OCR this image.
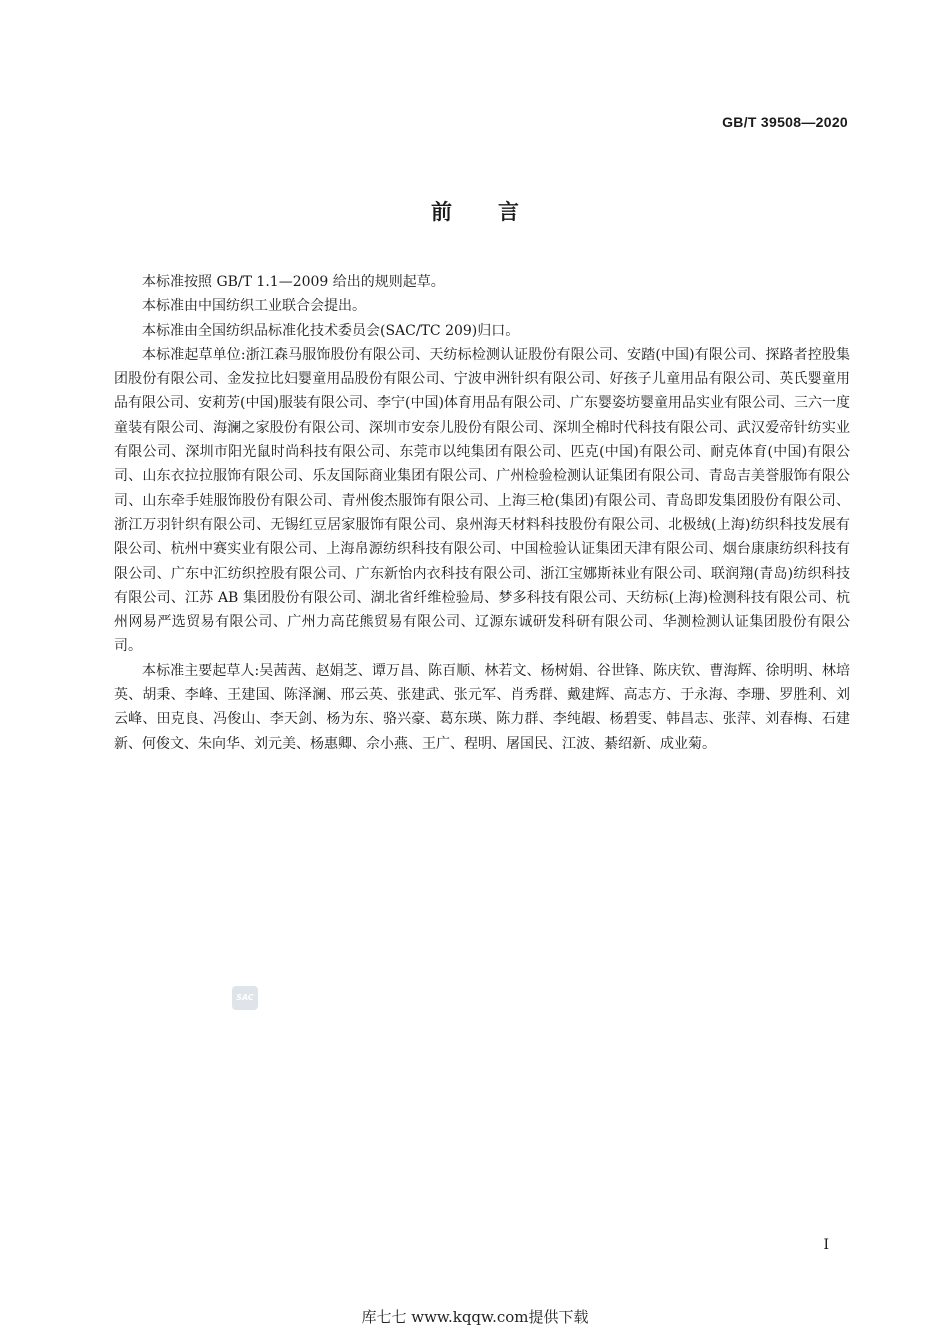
GB/T 39508—2020
前言

本标准按照 GB/T 1.1—2009 给出的规则起草。

本标准由中国纺织工业联合会提出。

本标准由全国纺织品标准化技术委员会(SAC/TC 209)归口。

本标准起草单位:浙江森马服饰股份有限公司、天纺标检测认证股份有限公司、安踏(中国)有限公司、探路者控股集团股份有限公司、金发拉比妇婴童用品股份有限公司、宁波申洲针织有限公司、好孩子儿童用品有限公司、英氏婴童用品有限公司、安莉芳(中国)服装有限公司、李宁(中国)体育用品有限公司、广东婴姿坊婴童用品实业有限公司、三六一度童装有限公司、海澜之家股份有限公司、深圳市安奈儿股份有限公司、深圳全棉时代科技有限公司、武汉爱帝针纺实业有限公司、深圳市阳光鼠时尚科技有限公司、东莞市以纯集团有限公司、匹克(中国)有限公司、耐克体育(中国)有限公司、山东衣拉拉服饰有限公司、乐友国际商业集团有限公司、广州检验检测认证集团有限公司、青岛吉美誉服饰有限公司、山东牵手娃服饰股份有限公司、青州俊杰服饰有限公司、上海三枪(集团)有限公司、青岛即发集团股份有限公司、浙江万羽针织有限公司、无锡红豆居家服饰有限公司、泉州海天材料科技股份有限公司、北极绒(上海)纺织科技发展有限公司、杭州中赛实业有限公司、上海帛源纺织科技有限公司、中国检验认证集团天津有限公司、烟台康康纺织科技有限公司、广东中汇纺织控股有限公司、广东新怡内衣科技有限公司、浙江宝娜斯袜业有限公司、联润翔(青岛)纺织科技有限公司、江苏 AB 集团股份有限公司、湖北省纤维检验局、梦多科技有限公司、天纺标(上海)检测科技有限公司、杭州网易严选贸易有限公司、广州力高芘熊贸易有限公司、辽源东诚研发科研有限公司、华测检测认证集团股份有限公司。

本标准主要起草人:吴茜茜、赵娟芝、谭万昌、陈百顺、林若文、杨树娟、谷世锋、陈庆钦、曹海辉、徐明明、林培英、胡秉、李峰、王建国、陈泽澜、邢云英、张建武、张元军、肖秀群、戴建辉、高志方、于永海、李珊、罗胜利、刘云峰、田克良、冯俊山、李天剑、杨为东、骆兴豪、葛东瑛、陈力群、李纯嘏、杨碧雯、韩昌志、张萍、刘春梅、石建新、何俊文、朱向华、刘元美、杨惠卿、佘小燕、王广、程明、屠国民、江波、綦绍新、成业菊。

SAC
I
库七七 www.kqqw.com提供下载
